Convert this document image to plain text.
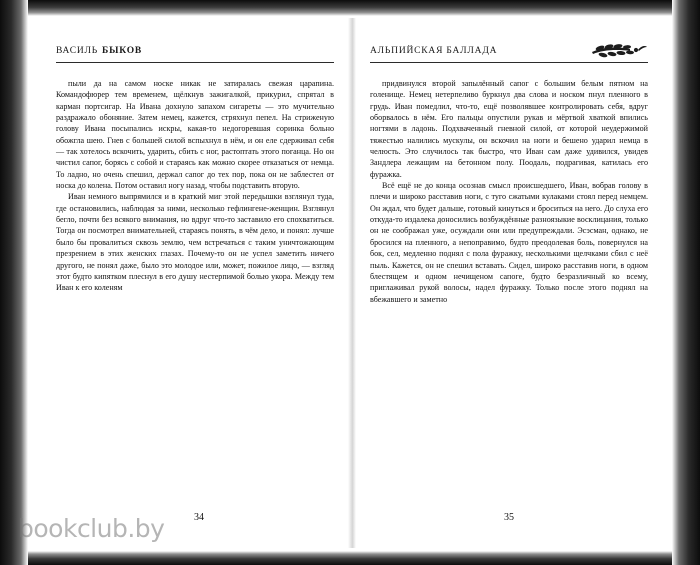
ВАСИЛЬ БЫКОВ

пыли да на самом носке никак не затиралась свежая царапина. Командофюрер тем временем, щёлкнув зажигалкой, прикурил, спрятал в карман портсигар. На Ивана дохнуло запахом сигареты — это мучительно раздражало обоняние. Затем немец, кажется, стряхнул пепел. На стриженую голову Ивана посыпались искры, какая-то недогоревшая соринка больно обожгла шею. Гнев с большей силой вспыхнул в нём, и он еле сдерживал себя — так хотелось вскочить, ударить, сбить с ног, растоптать этого поганца. Но он чистил сапог, борясь с собой и стараясь как можно скорее отказаться от немца. То ладно, но очень спешил, держал сапог до тех пор, пока он не заблестел от носка до колена. Потом оставил ногу назад, чтобы подставить вторую.

Иван немного выпрямился и в краткий миг этой передышки взглянул туда, где остановились, наблюдая за ними, несколько гефлингене-женщин. Взглянул бегло, почти без всякого внимания, но вдруг что-то заставило его спохватиться. Тогда он посмотрел внимательней, стараясь понять, в чём дело, и понял: лучше было бы провалиться сквозь землю, чем встречаться с таким уничтожающим презрением в этих женских глазах. Почему-то он не успел заметить ничего другого, не понял даже, было это молодое или, может, пожилое лицо, — взгляд этот будто кипятком плеснул в его душу нестерпимой болью укора. Между тем Иван к его коленям

34
АЛЬПИЙСКАЯ БАЛЛАДА

придвинулся второй запылённый сапог с большим белым пятном на голенище. Немец нетерпеливо буркнул два слова и носком пнул пленного в грудь. Иван помедлил, что-то, ещё позволявшее контролировать себя, вдруг оборвалось в нём. Его пальцы опустили рукав и мёртвой хваткой впились ногтями в ладонь. Подхваченный гневной силой, от которой неудержимой тяжестью налились мускулы, он вскочил на ноги и бешено ударил немца в челюсть. Это случилось так быстро, что Иван сам даже удивился, увидев Зандлера лежащим на бетонном полу. Поодаль, подрагивая, катилась его фуражка.

Всё ещё не до конца осознав смысл происшедшего, Иван, вобрав голову в плечи и широко расставив ноги, с туго сжатыми кулаками стоял перед немцем. Он ждал, что будет дальше, готовый кинуться и броситься на него. До слуха его откуда-то издалека доносились возбуждённые разноязыкие восклицания, только он не соображал уже, осуждали они или предупреждали. Эсэсман, однако, не бросился на пленного, а непоправимо, будто преодолевая боль, повернулся на бок, сел, медленно поднял с пола фуражку, несколькими щелчками сбил с неё пыль. Кажется, он не спешил вставать. Сидел, широко расставив ноги, в одном блестящем и одном нечищеном сапоге, будто безразличный ко всему, приглаживал рукой волосы, надел фуражку. Только после этого поднял на вбежавшего и заметно

35
bookclub.by
